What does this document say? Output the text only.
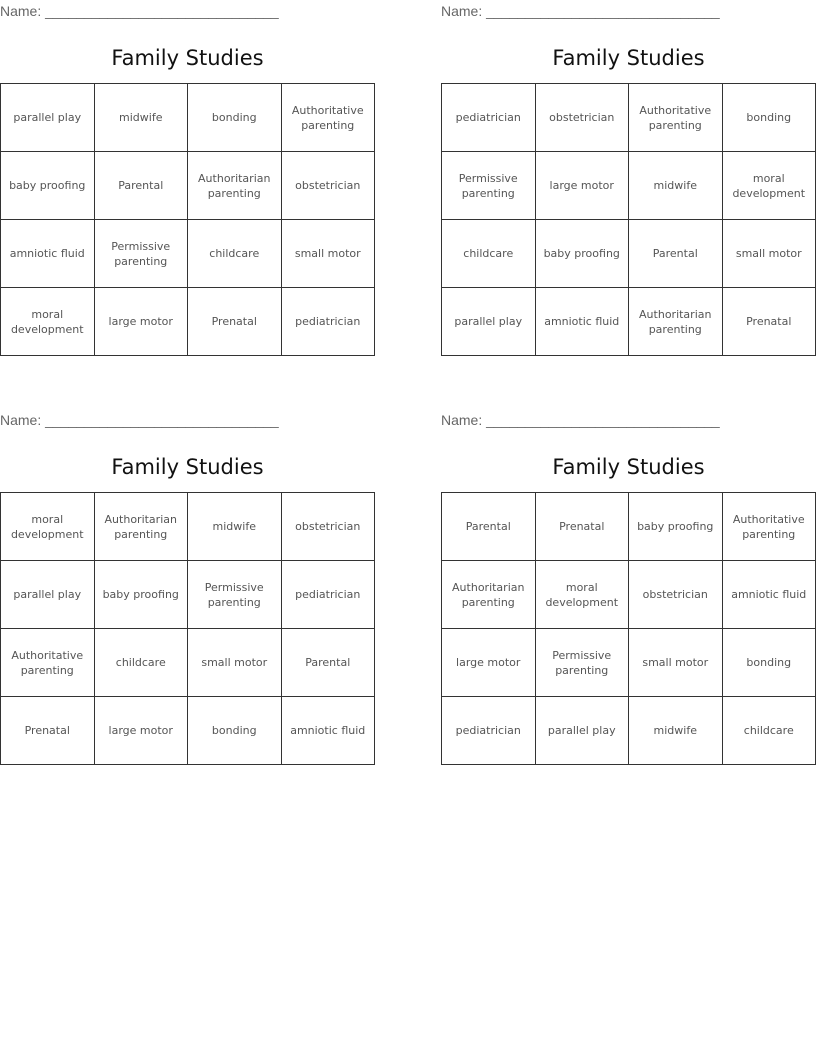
Name: ______________________________
Family Studies
parallel play	midwife	bonding	Authoritative parenting
baby proofing	Parental	Authoritarian parenting	obstetrician
amniotic fluid	Permissive parenting	childcare	small motor
moral development	large motor	Prenatal	pediatrician
Name: ______________________________
Family Studies
pediatrician	obstetrician	Authoritative parenting	bonding
Permissive parenting	large motor	midwife	moral development
childcare	baby proofing	Parental	small motor
parallel play	amniotic fluid	Authoritarian parenting	Prenatal
Name: ______________________________
Family Studies
moral development	Authoritarian parenting	midwife	obstetrician
parallel play	baby proofing	Permissive parenting	pediatrician
Authoritative parenting	childcare	small motor	Parental
Prenatal	large motor	bonding	amniotic fluid
Name: ______________________________
Family Studies
Parental	Prenatal	baby proofing	Authoritative parenting
Authoritarian parenting	moral development	obstetrician	amniotic fluid
large motor	Permissive parenting	small motor	bonding
pediatrician	parallel play	midwife	childcare
